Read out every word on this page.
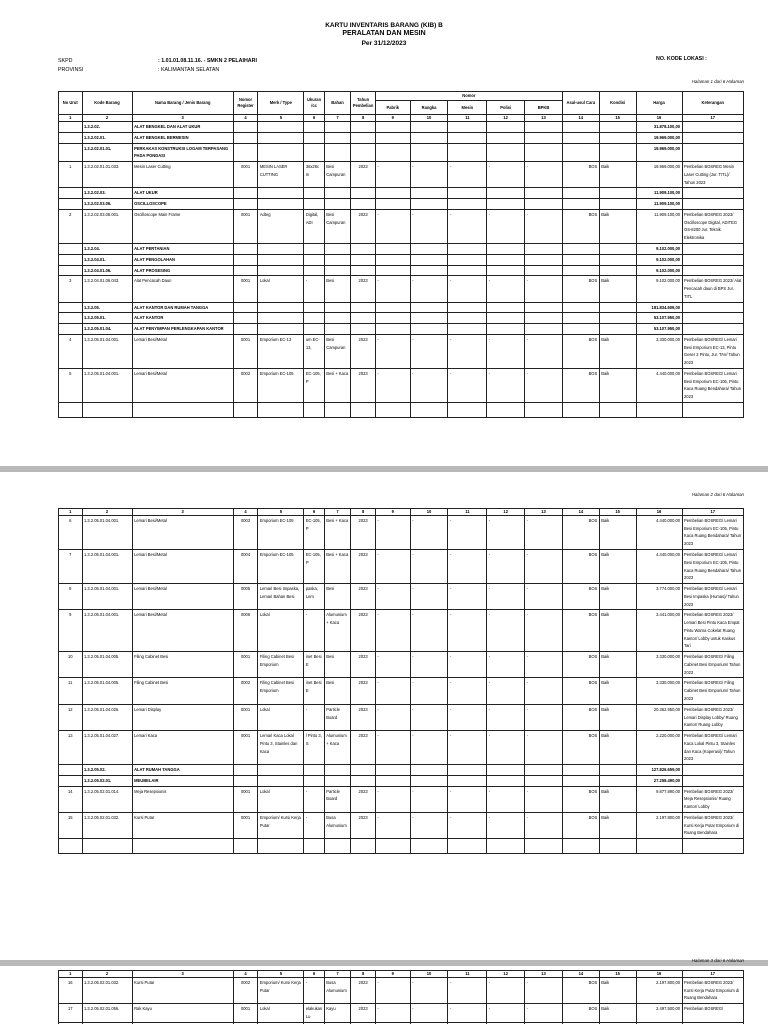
KARTU INVENTARIS BARANG (KIB) B
PERALATAN DAN MESIN
Per 31/12/2023
SKPD	: 1.01.01.08.11.16. - SMKN 2 PELAIHARI
PROVINSI	: KALIMANTAN SELATAN
NO. KODE LOKASI :
Halaman 1 dari 6 Halaman
No Urut	Kode Barang	Nama Barang / Jenis Barang	Nomor Register	Merk / Type	Ukuran /cc	Bahan	Tahun Pembelian	Nomor					Asal-usul Cara	Kondisi	Harga	Keterangan
								Pabrik	Rangka	Mesin	Polisi	BPKB				
1	2	3	4	5	6	7	8	9	10	11	12	13	14	15	16	17
	1.3.2.02.	ALAT BENGKEL DAN ALAT UKUR													31.878.100,00	
	1.3.2.02.01.	ALAT BENGKEL BERMESIN													19.969.000,00	
	1.3.2.02.01.01.	PERKAKAS KONSTRUKSI LOGAM TERPASANG PADA PONDASI													19.969.000,00	
1	1.3.2.02.01.01.033.	Mesin Laser Cutting	0001	MESIN LASER CUTTING	36x28cm	Besi Campuran	2023	-	-	-	-	-	BOS	Baik	19.969.000,00	Pembelian BOSREG Mesin Laser Cutting (Jur. TITL)/ Tahun 2023
	1.3.2.02.03.	ALAT UKUR													11.909.100,00	
	1.3.2.02.03.06.	OSCILLOSCOPE													11.909.100,00	
2	1.3.2.02.03.06.001.	Oscilloscope Main Frame	0001	Adteg	Digital, ADI	Besi Campuran	2023	-	-	-	-	-	BOS	Baik	11.909.100,00	Pembelian BOSREG 2023/ Oscilloscope Digital, ADITEG OS-8200 Jur. Teknik Elektronika
	1.3.2.04.	ALAT PERTANIAN													9.102.000,00	
	1.3.2.04.01.	ALAT PENGOLAHAN													9.102.000,00	
	1.3.2.04.01.06.	ALAT PROSESING													9.102.000,00	
3	1.3.2.04.01.06.043.	Alat Pencacah Daun	0001	Lokal	-	Besi	2023	-	-	-	-	-	BOS	Baik	9.102.000,00	Pembelian BOSREG 2023/ Alat Pencacah daun di BPS Jur. TITL
	1.3.2.05.	ALAT KANTOR DAN RUMAH TANGGA													181.834.609,00	
	1.3.2.05.01.	ALAT KANTOR													53.107.950,00	
	1.3.2.05.01.04.	ALAT PENYIMPAN PERLENGKAPAN KANTOR													53.107.950,00	
4	1.3.2.05.01.04.001.	Lemari Besi/Metal	0001	Emporium EC-13	um EC-13,	Besi Campuran	2023	-	-	-	-	-	BOS	Baik	3.330.000,00	Pembelian BOSREG/ Lemari Besi Emporium EC-13, Pintu Geser 2 Pintu, Jur. TAV/ Tahun 2023
5	1.3.2.05.01.04.001.	Lemari Besi/Metal	0002	Emporium EC-105	EC-105, P	Besi + Kaca	2023	-	-	-	-	-	BOS	Baik	4.440.000,00	Pembelian BOSREG/ Lemari Besi Emporium EC-105, Pintu Kaca Ruang Bendahara/ Tahun 2023

Halaman 2 dari 6 Halaman
1	2	3	4	5	6	7	8	9	10	11	12	13	14	15	16	17
6	1.3.2.05.01.04.001.	Lemari Besi/Metal	0003	Emporium EC-105	EC-105, P	Besi + Kaca	2023	-	-	-	-	-	BOS	Baik	4.440.000,00	Pembelian BOSREG/ Lemari Besi Emporium EC-105, Pintu Kaca Ruang Bendahara/ Tahun 2023
7	1.3.2.05.01.04.001.	Lemari Besi/Metal	0004	Emporium EC-105	EC-105, P	Besi + Kaca	2023	-	-	-	-	-	BOS	Baik	4.440.000,00	Pembelian BOSREG/ Lemari Besi Emporium EC-105, Pintu Kaca Ruang Bendahara/ Tahun 2023
8	1.3.2.05.01.04.001.	Lemari Besi/Metal	0005	Lemari Besi Impaska, Lemari Bahan Besi	paska, Lem	Besi	2023	-	-	-	-	-	BOS	Baik	3.774.000,00	Pembelian BOSREG/ Lemari Besi Impaska (Humas)/ Tahun 2023
9	1.3.2.05.01.04.001.	Lemari Besi/Metal	0006	Lokal	-	Alumunium + Kaca	2023	-	-	-	-	-	BOS	Baik	3.441.000,00	Pembelian BOSREG 2023/ Lemari Besi Pintu Kaca Empat Pintu Warna Cokelat Ruang Kantor/ Lobby untuk Kaskus Tari
10	1.3.2.05.01.04.005.	Filing Cabinet Besi	0001	Filing Cabinet Besi Emporium	inet Besi E	Besi	2023	-	-	-	-	-	BOS	Baik	3.330.000,00	Pembelian BOSREG/ Filing Cabinet Besi Emporium/ Tahun 2023
11	1.3.2.05.01.04.005.	Filing Cabinet Besi	0002	Filing Cabinet Besi Emporium	inet Besi E	Besi	2023	-	-	-	-	-	BOS	Baik	3.330.000,00	Pembelian BOSREG/ Filing Cabinet Besi Emporium/ Tahun 2023
12	1.3.2.05.01.04.026.	Lemari Display	0001	Lokal	-	Particle Board	2023	-	-	-	-	-	BOS	Baik	20.362.950,00	Pembelian BOSREG 2023/ Lemari Display Lobby/ Ruang Kantor/ Ruang Lobby
13	1.3.2.05.01.04.027.	Lemari Kaca	0001	Lemari Kaca Lokal Pintu 3, Stainles dan Kaca	l Pintu 3, S	Alumunium + Kaca	2023	-	-	-	-	-	BOS	Baik	2.220.000,00	Pembelian BOSREG/ Lemari Kaca Lokal Pintu 3, Stainles dan Kaca (Koperasi)/ Tahun 2023
	1.3.2.05.02.	ALAT RUMAH TANGGA													127.826.659,00	
	1.3.2.05.02.01.	MEUBELAIR													27.258.490,00	
14	1.3.2.05.02.01.014.	Meja Resepsionis	0001	Lokal	-	Particle Board	2023	-	-	-	-	-	BOS	Baik	9.877.890,00	Pembelian BOSREG 2023/ Meja Resepsionis/ Ruang Kantor/ Lobby
15	1.3.2.05.02.01.032.	Kursi Putar	0001	Emporium/ Kursi Kerja Putar	-	Busa Alumunium	2023	-	-	-	-	-	BOS	Baik	2.197.800,00	Pembelian BOSREG 2023/ Kursi Kerja Putar Emporium di Ruang Bendahara

1	2	3	4	5	6	7	8	9	10	11	12	13	14	15	16	17
16	1.3.2.05.02.01.032.	Kursi Putar	0002	Emporium/ Kursi Kerja Putar	-	Busa Alumunium	2023	-	-	-	-	-	BOS	Baik	2.197.800,00	Pembelian BOSREG 2023/ Kursi Kerja Putar Emporium di Ruang Bendahara
17	1.3.2.05.02.01.056.	Rak Kayu	0001	Lokal	elakukan Lu	Kayu	2023	-	-	-	-	-	BOS	Baik	2.497.500,00	Pembelian BOSREG/

Halaman 3 dari 6 Halaman
